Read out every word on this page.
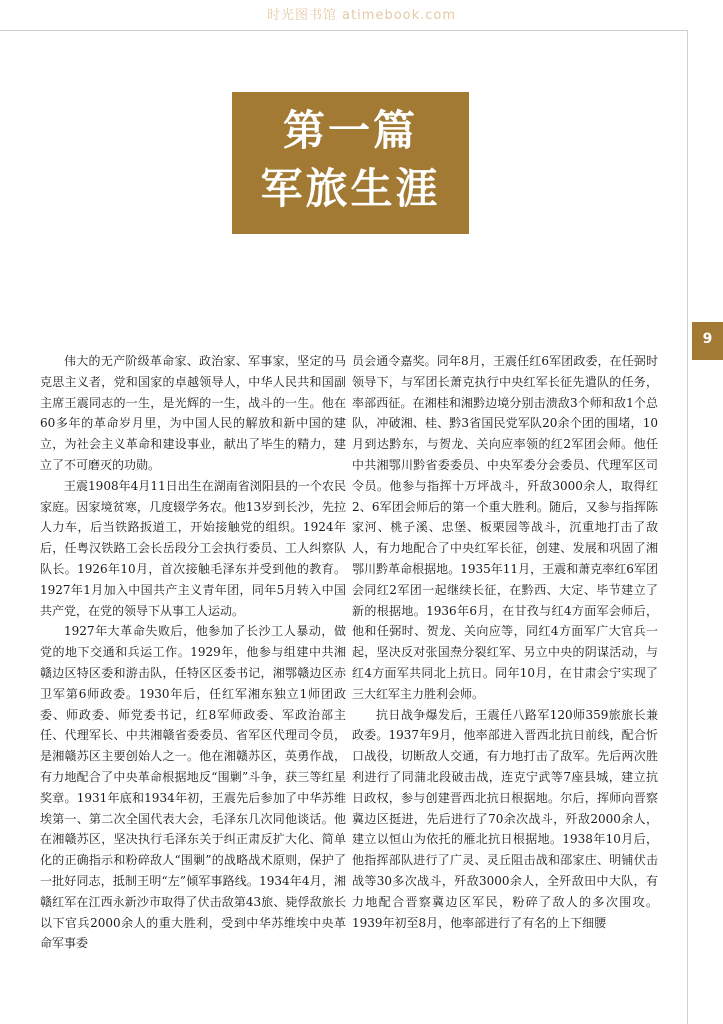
时光图书馆 atimebook.com
第一篇
军旅生涯
9

伟大的无产阶级革命家、政治家、军事家，坚定的马克思主义者，党和国家的卓越领导人，中华人民共和国副主席王震同志的一生，是光辉的一生，战斗的一生。他在60多年的革命岁月里，为中国人民的解放和新中国的建立，为社会主义革命和建设事业，献出了毕生的精力，建立了不可磨灭的功勋。

王震1908年4月11日出生在湖南省浏阳县的一个农民家庭。因家境贫寒，几度辍学务农。他13岁到长沙，先拉人力车，后当铁路扳道工，开始接触党的组织。1924年后，任粤汉铁路工会长岳段分工会执行委员、工人纠察队队长。1926年10月，首次接触毛泽东并受到他的教育。1927年1月加入中国共产主义青年团，同年5月转入中国共产党，在党的领导下从事工人运动。

1927年大革命失败后，他参加了长沙工人暴动，做党的地下交通和兵运工作。1929年，他参与组建中共湘赣边区特区委和游击队，任特区区委书记，湘鄂赣边区赤卫军第6师政委。1930年后，任红军湘东独立1师团政委、师政委、师党委书记，红8军师政委、军政治部主任、代理军长、中共湘赣省委委员、省军区代理司令员，是湘赣苏区主要创始人之一。他在湘赣苏区，英勇作战，有力地配合了中央革命根据地反“围剿”斗争，获三等红星奖章。1931年底和1934年初，王震先后参加了中华苏维埃第一、第二次全国代表大会，毛泽东几次同他谈话。他在湘赣苏区，坚决执行毛泽东关于纠正肃反扩大化、简单化的正确指示和粉碎敌人“围剿”的战略战术原则，保护了一批好同志，抵制王明“左”倾军事路线。1934年4月，湘赣红军在江西永新沙市取得了伏击敌第43旅、毙俘敌旅长以下官兵2000余人的重大胜利，受到中华苏维埃中央革命军事委

员会通令嘉奖。同年8月，王震任红6军团政委，在任弼时领导下，与军团长萧克执行中央红军长征先遣队的任务，率部西征。在湘桂和湘黔边境分别击溃敌3个师和敌1个总队，冲破湘、桂、黔3省国民党军队20余个团的围堵，10月到达黔东，与贺龙、关向应率领的红2军团会师。他任中共湘鄂川黔省委委员、中央军委分会委员、代理军区司令员。他参与指挥十万坪战斗，歼敌3000余人，取得红2、6军团会师后的第一个重大胜利。随后，又参与指挥陈家河、桃子溪、忠堡、板栗园等战斗，沉重地打击了敌人，有力地配合了中央红军长征，创建、发展和巩固了湘鄂川黔革命根据地。1935年11月，王震和萧克率红6军团会同红2军团一起继续长征，在黔西、大定、毕节建立了新的根据地。1936年6月，在甘孜与红4方面军会师后，他和任弼时、贺龙、关向应等，同红4方面军广大官兵一起，坚决反对张国焘分裂红军、另立中央的阴谋活动，与红4方面军共同北上抗日。同年10月，在甘肃会宁实现了三大红军主力胜利会师。

抗日战争爆发后，王震任八路军120师359旅旅长兼政委。1937年9月，他率部进入晋西北抗日前线，配合忻口战役，切断敌人交通，有力地打击了敌军。先后两次胜利进行了同蒲北段破击战，连克宁武等7座县城，建立抗日政权，参与创建晋西北抗日根据地。尔后，挥师向晋察冀边区挺进，先后进行了70余次战斗，歼敌2000余人，建立以恒山为依托的雁北抗日根据地。1938年10月后，他指挥部队进行了广灵、灵丘阻击战和邵家庄、明铺伏击战等30多次战斗，歼敌3000余人，全歼敌田中大队，有力地配合晋察冀边区军民，粉碎了敌人的多次围攻。1939年初至8月，他率部进行了有名的上下细腰
